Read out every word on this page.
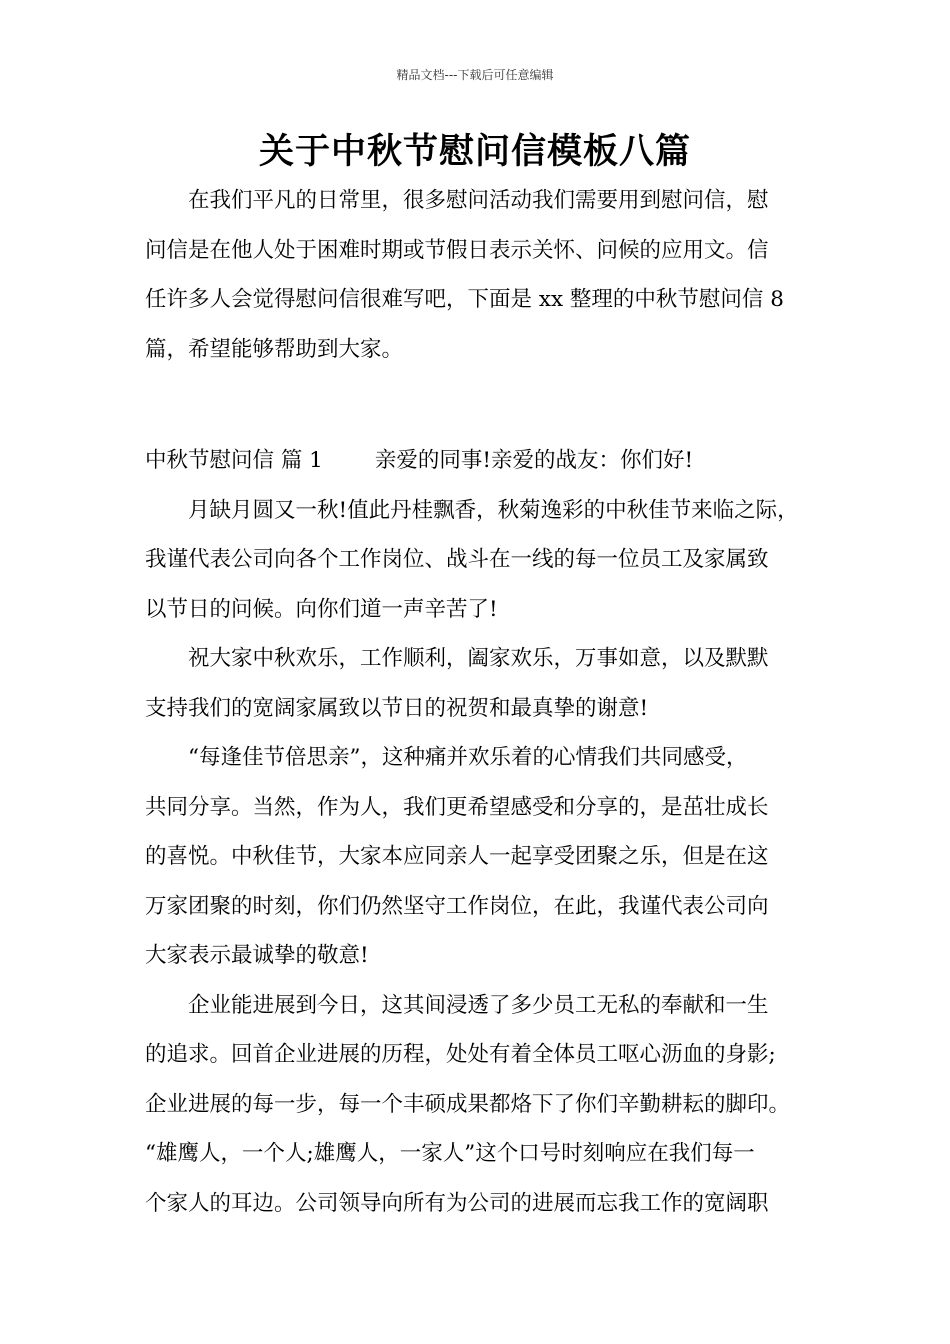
精品文档---下载后可任意编辑
关于中秋节慰问信模板八篇
在我们平凡的日常里，很多慰问活动我们需要用到慰问信，慰
问信是在他人处于困难时期或节假日表示关怀、问候的应用文。信
任许多人会觉得慰问信很难写吧，下面是 xx 整理的中秋节慰问信 8
篇，希望能够帮助到大家。
中秋节慰问信 篇 1 亲爱的同事!亲爱的战友：你们好!
月缺月圆又一秋!值此丹桂飘香，秋菊逸彩的中秋佳节来临之际，
我谨代表公司向各个工作岗位、战斗在一线的每一位员工及家属致
以节日的问候。向你们道一声辛苦了!
祝大家中秋欢乐，工作顺利，阖家欢乐，万事如意，以及默默
支持我们的宽阔家属致以节日的祝贺和最真挚的谢意!
“每逢佳节倍思亲”，这种痛并欢乐着的心情我们共同感受，
共同分享。当然，作为人，我们更希望感受和分享的，是茁壮成长
的喜悦。中秋佳节，大家本应同亲人一起享受团聚之乐，但是在这
万家团聚的时刻，你们仍然坚守工作岗位，在此，我谨代表公司向
大家表示最诚挚的敬意!
企业能进展到今日，这其间浸透了多少员工无私的奉献和一生
的追求。回首企业进展的历程，处处有着全体员工呕心沥血的身影;
企业进展的每一步，每一个丰硕成果都烙下了你们辛勤耕耘的脚印。
“雄鹰人，一个人;雄鹰人，一家人”这个口号时刻响应在我们每一
个家人的耳边。公司领导向所有为公司的进展而忘我工作的宽阔职
